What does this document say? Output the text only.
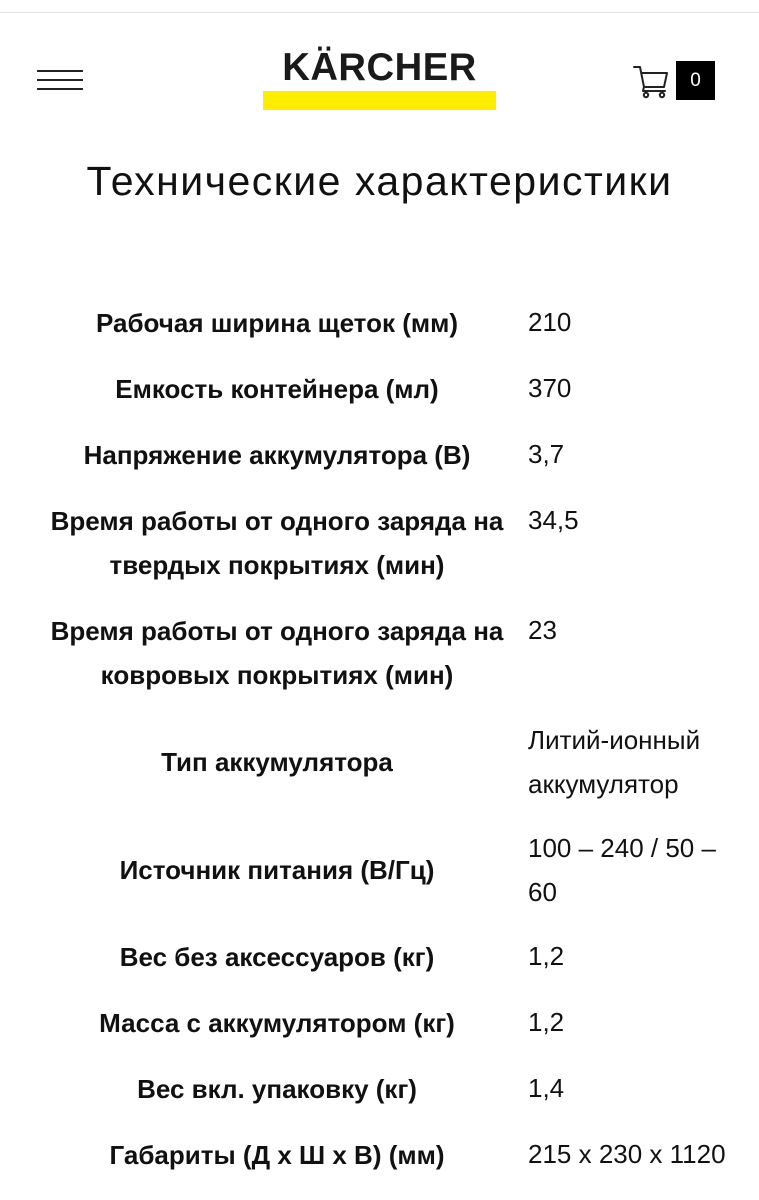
KÄRCHER	0
Технические характеристики
Рабочая ширина щеток (мм)	210
Емкость контейнера (мл)	370
Напряжение аккумулятора (В)	3,7
Время работы от одного заряда на твердых покрытиях (мин)	34,5
Время работы от одного заряда на ковровых покрытиях (мин)	23
Тип аккумулятора	Литий-ионный аккумулятор
Источник питания (В/Гц)	100 – 240 / 50 – 60
Вес без аксессуаров (кг)	1,2
Масса с аккумулятором (кг)	1,2
Вес вкл. упаковку (кг)	1,4
Габариты (Д x Ш x В) (мм)	215 x 230 x 1120
